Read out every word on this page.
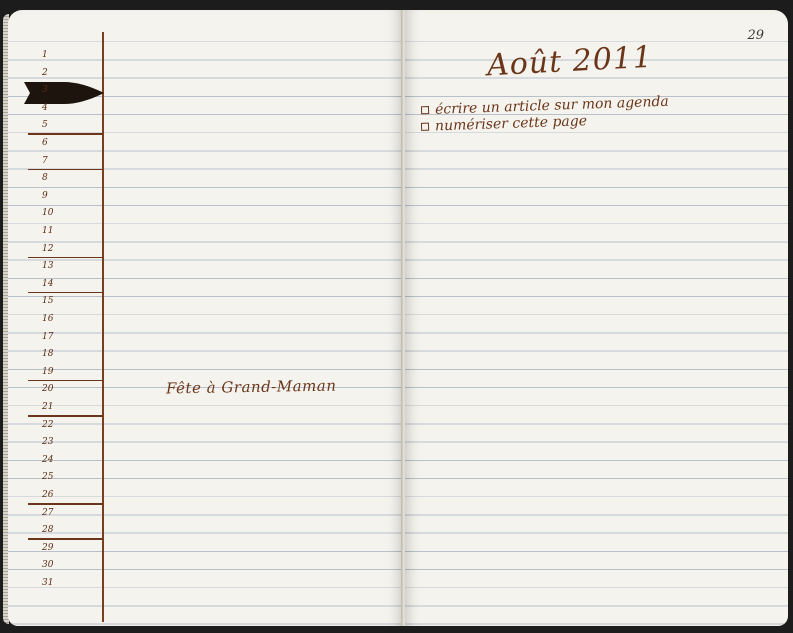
1
2
3
4
5
6
7
8
9
10
11
12
13
14
15
16
17
18
19
20
21
22
23
24
25
26
27
28
29
30
31
Fête à Grand-Maman
29
Août 2011
écrire un article sur mon agenda
numériser cette page
